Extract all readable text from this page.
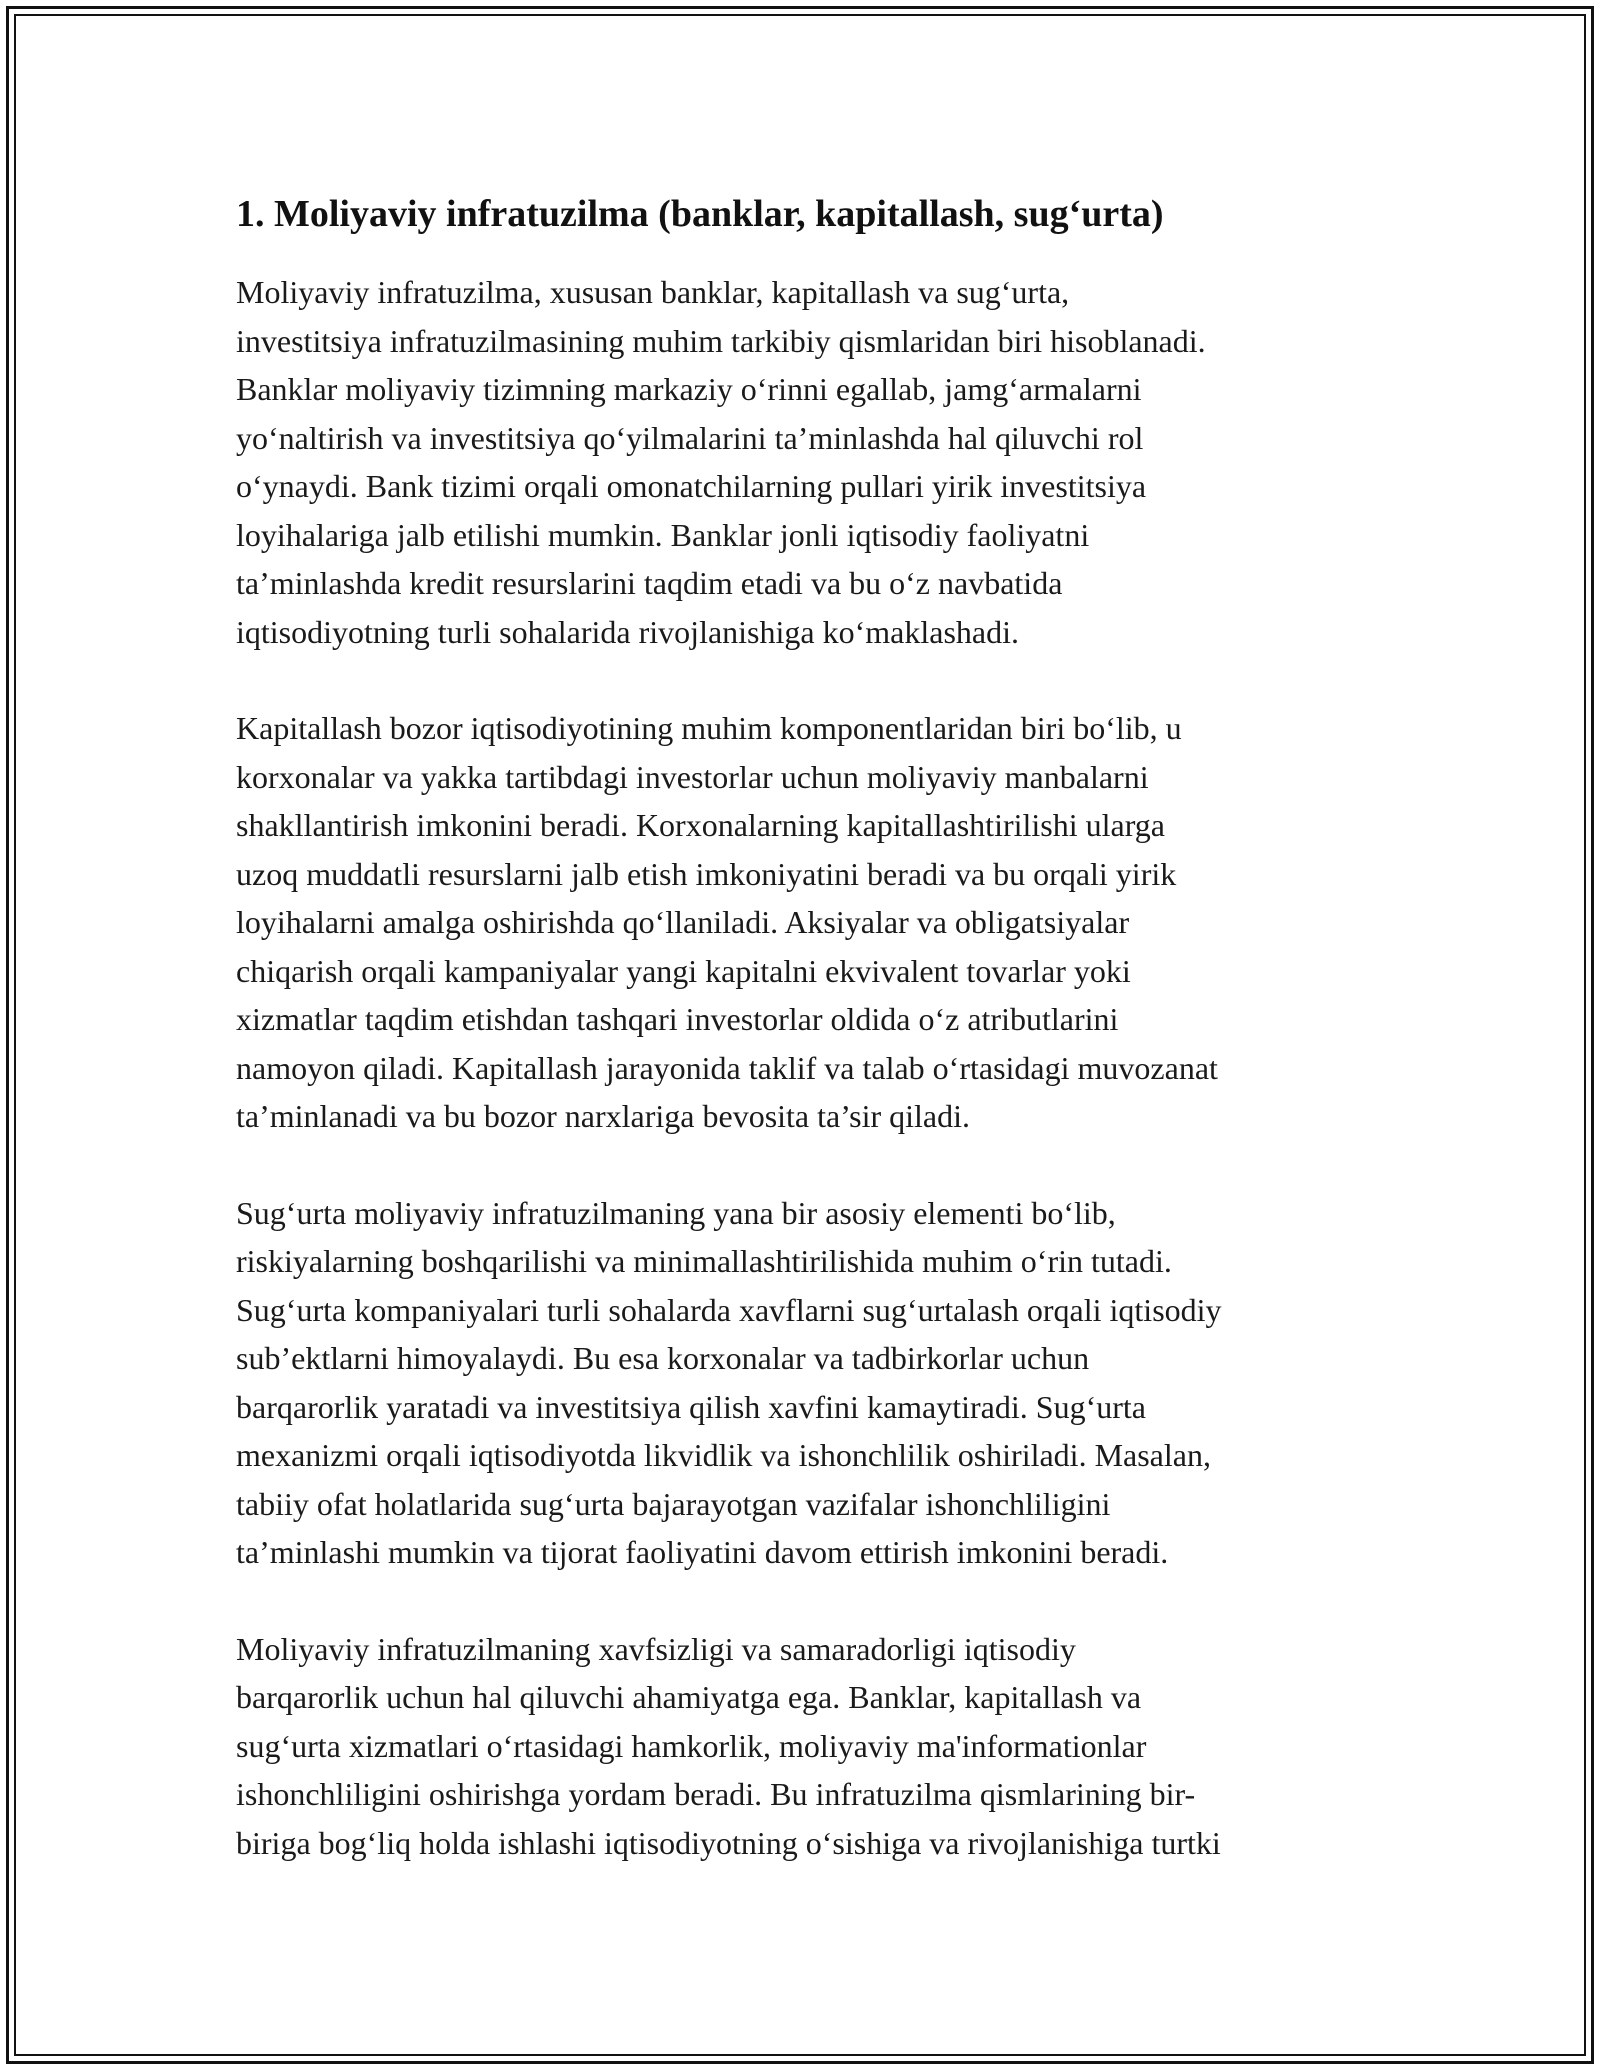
1. Moliyaviy infratuzilma (banklar, kapitallash, sug‘urta)

Moliyaviy infratuzilma, xususan banklar, kapitallash va sug‘urta,
investitsiya infratuzilmasining muhim tarkibiy qismlaridan biri hisoblanadi.
Banklar moliyaviy tizimning markaziy o‘rinni egallab, jamg‘armalarni
yo‘naltirish va investitsiya qo‘yilmalarini ta’minlashda hal qiluvchi rol
o‘ynaydi. Bank tizimi orqali omonatchilarning pullari yirik investitsiya
loyihalariga jalb etilishi mumkin. Banklar jonli iqtisodiy faoliyatni
ta’minlashda kredit resurslarini taqdim etadi va bu o‘z navbatida
iqtisodiyotning turli sohalarida rivojlanishiga ko‘maklashadi.

Kapitallash bozor iqtisodiyotining muhim komponentlaridan biri bo‘lib, u
korxonalar va yakka tartibdagi investorlar uchun moliyaviy manbalarni
shakllantirish imkonini beradi. Korxonalarning kapitallashtirilishi ularga
uzoq muddatli resurslarni jalb etish imkoniyatini beradi va bu orqali yirik
loyihalarni amalga oshirishda qo‘llaniladi. Aksiyalar va obligatsiyalar
chiqarish orqali kampaniyalar yangi kapitalni ekvivalent tovarlar yoki
xizmatlar taqdim etishdan tashqari investorlar oldida o‘z atributlarini
namoyon qiladi. Kapitallash jarayonida taklif va talab o‘rtasidagi muvozanat
ta’minlanadi va bu bozor narxlariga bevosita ta’sir qiladi.

Sug‘urta moliyaviy infratuzilmaning yana bir asosiy elementi bo‘lib,
riskiyalarning boshqarilishi va minimallashtirilishida muhim o‘rin tutadi.
Sug‘urta kompaniyalari turli sohalarda xavflarni sug‘urtalash orqali iqtisodiy
sub’ektlarni himoyalaydi. Bu esa korxonalar va tadbirkorlar uchun
barqarorlik yaratadi va investitsiya qilish xavfini kamaytiradi. Sug‘urta
mexanizmi orqali iqtisodiyotda likvidlik va ishonchlilik oshiriladi. Masalan,
tabiiy ofat holatlarida sug‘urta bajarayotgan vazifalar ishonchliligini
ta’minlashi mumkin va tijorat faoliyatini davom ettirish imkonini beradi.

Moliyaviy infratuzilmaning xavfsizligi va samaradorligi iqtisodiy
barqarorlik uchun hal qiluvchi ahamiyatga ega. Banklar, kapitallash va
sug‘urta xizmatlari o‘rtasidagi hamkorlik, moliyaviy ma'informationlar
ishonchliligini oshirishga yordam beradi. Bu infratuzilma qismlarining bir-
biriga bog‘liq holda ishlashi iqtisodiyotning o‘sishiga va rivojlanishiga turtki
